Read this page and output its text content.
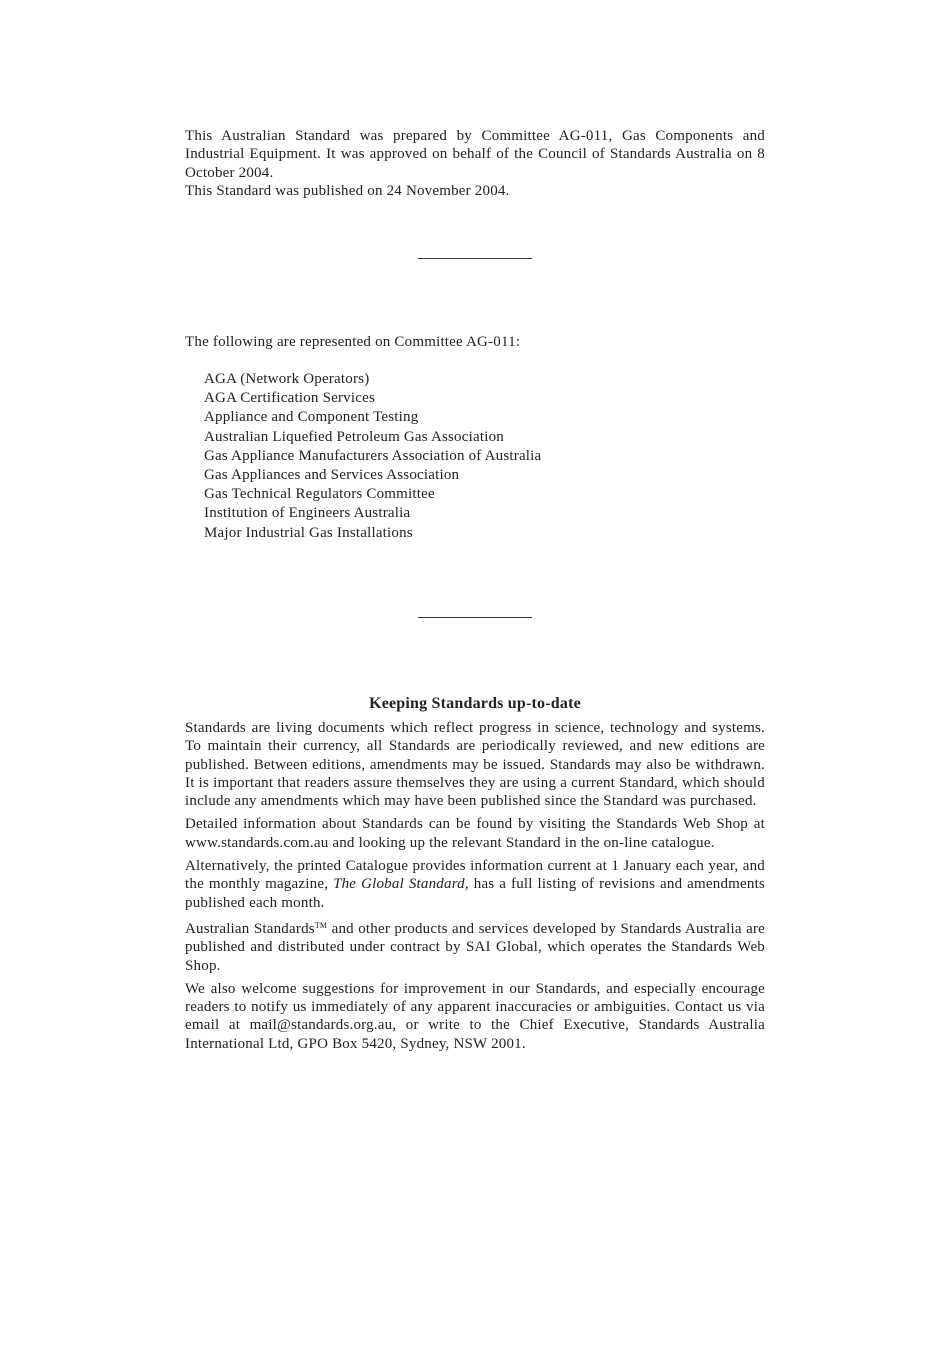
This Australian Standard was prepared by Committee AG-011, Gas Components and Industrial Equipment. It was approved on behalf of the Council of Standards Australia on 8 October 2004.
This Standard was published on 24 November 2004.
The following are represented on Committee AG-011:
AGA (Network Operators)
AGA Certification Services
Appliance and Component Testing
Australian Liquefied Petroleum Gas Association
Gas Appliance Manufacturers Association of Australia
Gas Appliances and Services Association
Gas Technical Regulators Committee
Institution of Engineers Australia
Major Industrial Gas Installations
Keeping Standards up-to-date

Standards are living documents which reflect progress in science, technology and systems. To maintain their currency, all Standards are periodically reviewed, and new editions are published. Between editions, amendments may be issued. Standards may also be withdrawn. It is important that readers assure themselves they are using a current Standard, which should include any amendments which may have been published since the Standard was purchased.

Detailed information about Standards can be found by visiting the Standards Web Shop at www.standards.com.au and looking up the relevant Standard in the on-line catalogue.

Alternatively, the printed Catalogue provides information current at 1 January each year, and the monthly magazine, The Global Standard, has a full listing of revisions and amendments published each month.

Australian Standards™ and other products and services developed by Standards Australia are published and distributed under contract by SAI Global, which operates the Standards Web Shop.

We also welcome suggestions for improvement in our Standards, and especially encourage readers to notify us immediately of any apparent inaccuracies or ambiguities. Contact us via email at mail@standards.org.au, or write to the Chief Executive, Standards Australia International Ltd, GPO Box 5420, Sydney, NSW 2001.
